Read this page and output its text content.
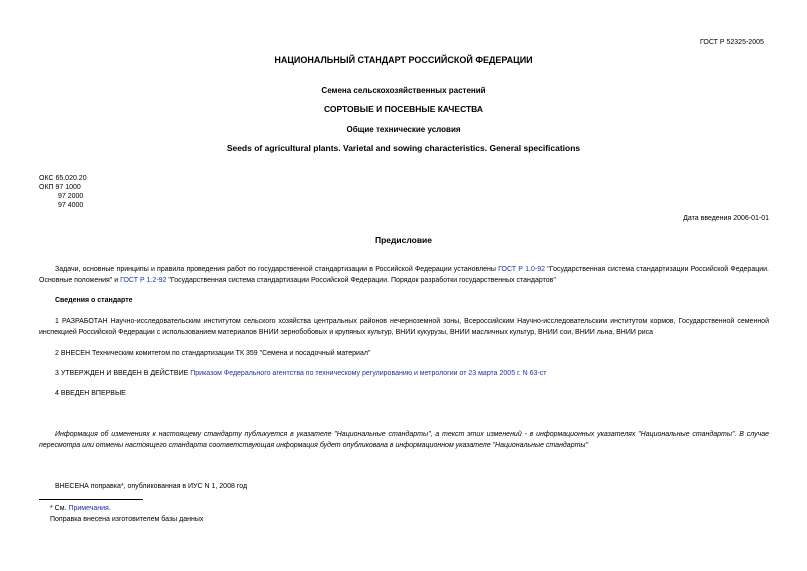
ГОСТ Р 52325-2005
НАЦИОНАЛЬНЫЙ СТАНДАРТ РОССИЙСКОЙ ФЕДЕРАЦИИ
Семена сельскохозяйственных растений
СОРТОВЫЕ И ПОСЕВНЫЕ КАЧЕСТВА
Общие технические условия
Seeds of agricultural plants. Varietal and sowing characteristics. General specifications
ОКС 65.020.20
ОКП 97 1000
97 2000
97 4000
Дата введения 2006-01-01
Предисловие
Задачи, основные принципы и правила проведения работ по государственной стандартизации в Российской Федерации установлены ГОСТ Р 1.0-92 "Государственная система стандартизации Российской Федерации. Основные положения" и ГОСТ Р 1.2-92 "Государственная система стандартизации Российской Федерации. Порядок разработки государственных стандартов"
Сведения о стандарте
1 РАЗРАБОТАН Научно-исследовательским институтом сельского хозяйства центральных районов нечерноземной зоны, Всероссийским Научно-исследовательским институтом кормов, Государственной семенной инспекцией Российской Федерации с использованием материалов ВНИИ зернобобовых и крупяных культур, ВНИИ кукурузы, ВНИИ масличных культур, ВНИИ сои, ВНИИ льна, ВНИИ риса
2 ВНЕСЕН Техническим комитетом по стандартизации ТК 359 "Семена и посадочный материал"
3 УТВЕРЖДЕН И ВВЕДЕН В ДЕЙСТВИЕ Приказом Федерального агентства по техническому регулированию и метрологии от 23 марта 2005 г. N 63-ст
4 ВВЕДЕН ВПЕРВЫЕ
Информация об изменениях к настоящему стандарту публикуется в указателе "Национальные стандарты", а текст этих изменений - в информационных указателях "Национальные стандарты". В случае пересмотра или отмены настоящего стандарта соответствующая информация будет опубликована в информационном указателе "Национальные стандарты"
ВНЕСЕНА поправка*, опубликованная в ИУС N 1, 2008 год
* См. Примечания.
Поправка внесена изготовителем базы данных
